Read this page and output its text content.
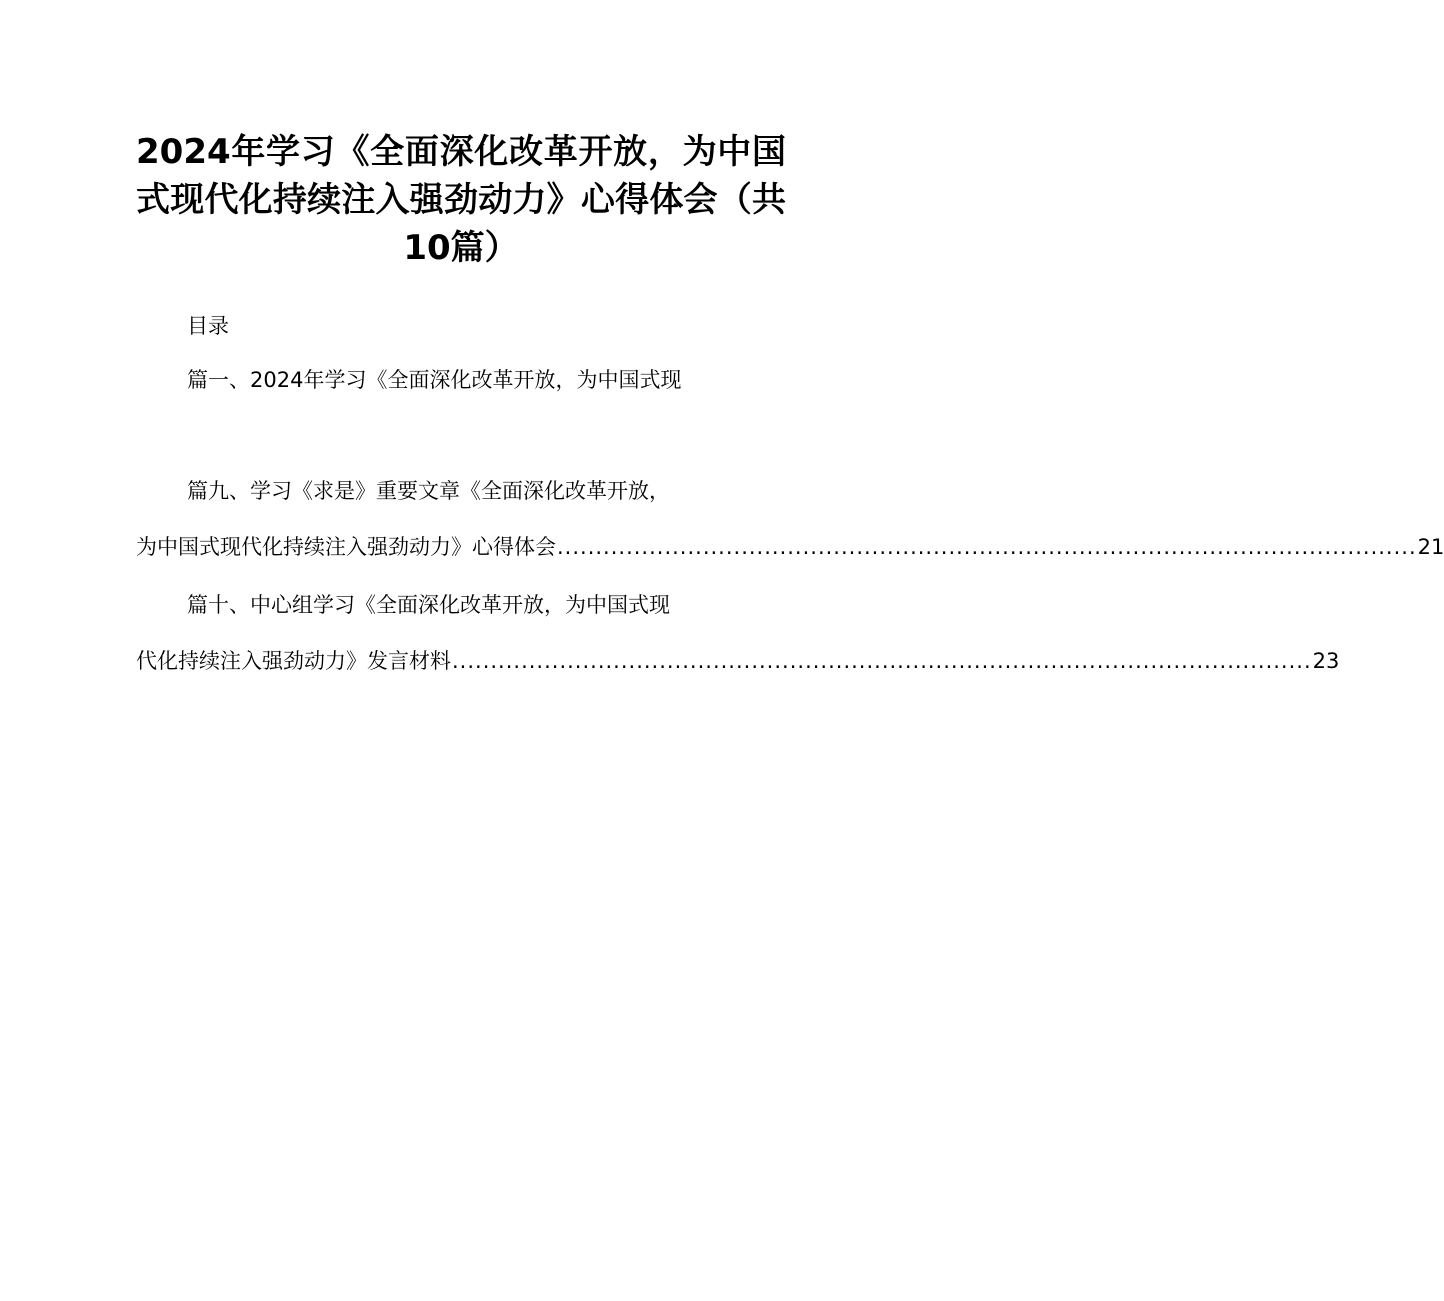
2024年学习《全面深化改革开放，为中国式现代化持续注入强劲动力》心得体会（共10篇）
目录
篇一、2024年学习《全面深化改革开放，为中国式现
篇九、学习《求是》重要文章《全面深化改革开放，
为中国式现代化持续注入强劲动力》心得体会 ................................................................................................................ 21
篇十、中心组学习《全面深化改革开放，为中国式现
代化持续注入强劲动力》发言材料 ................................................................................................................ 23
